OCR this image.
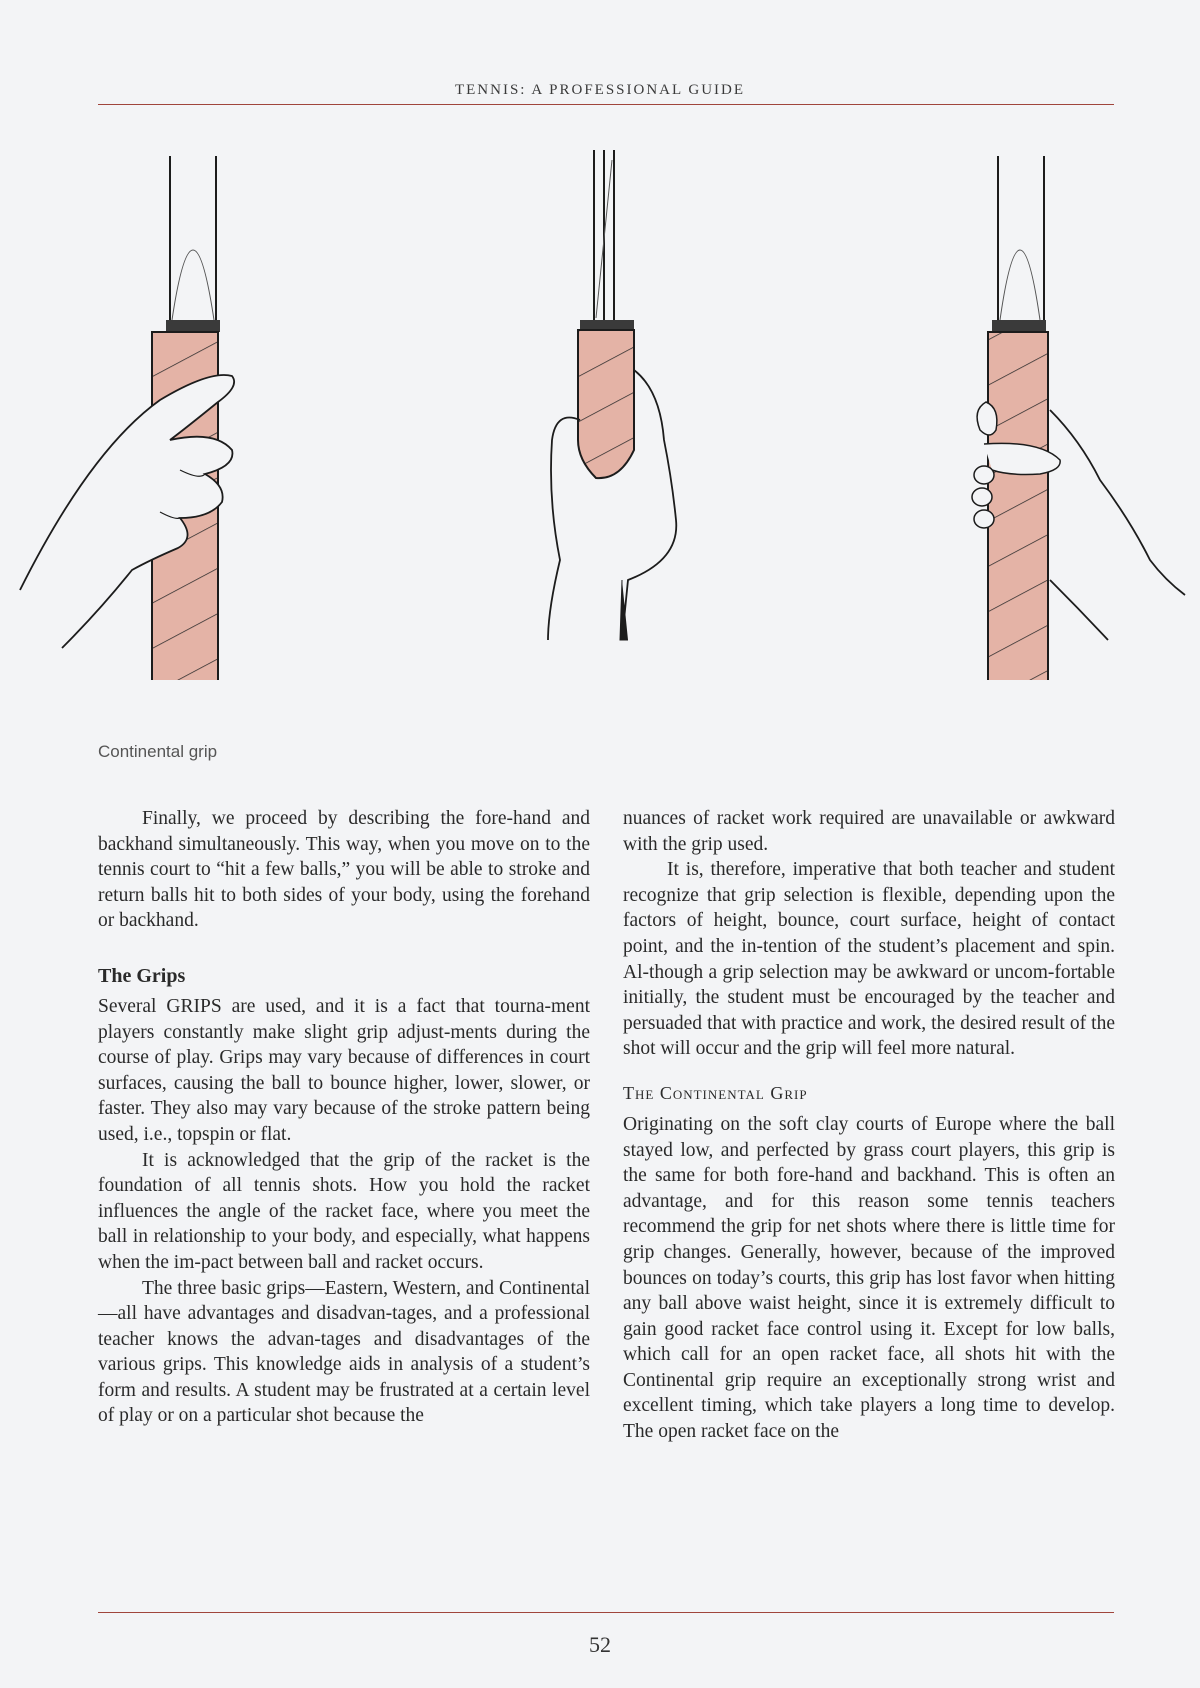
TENNIS: A PROFESSIONAL GUIDE
Continental grip

Finally, we proceed by describing the fore-hand and backhand simultaneously. This way, when you move on to the tennis court to “hit a few balls,” you will be able to stroke and return balls hit to both sides of your body, using the forehand or backhand.

The Grips

Several GRIPS are used, and it is a fact that tourna-ment players constantly make slight grip adjust-ments during the course of play. Grips may vary because of differences in court surfaces, causing the ball to bounce higher, lower, slower, or faster. They also may vary because of the stroke pattern being used, i.e., topspin or flat.

It is acknowledged that the grip of the racket is the foundation of all tennis shots. How you hold the racket influences the angle of the racket face, where you meet the ball in relationship to your body, and especially, what happens when the im-pact between ball and racket occurs.

The three basic grips—Eastern, Western, and Continental—all have advantages and disadvan-tages, and a professional teacher knows the advan-tages and disadvantages of the various grips. This knowledge aids in analysis of a student’s form and results. A student may be frustrated at a certain level of play or on a particular shot because the

nuances of racket work required are unavailable or awkward with the grip used.

It is, therefore, imperative that both teacher and student recognize that grip selection is flexible, depending upon the factors of height, bounce, court surface, height of contact point, and the in-tention of the student’s placement and spin. Al-though a grip selection may be awkward or uncom-fortable initially, the student must be encouraged by the teacher and persuaded that with practice and work, the desired result of the shot will occur and the grip will feel more natural.

The Continental Grip

Originating on the soft clay courts of Europe where the ball stayed low, and perfected by grass court players, this grip is the same for both fore-hand and backhand. This is often an advantage, and for this reason some tennis teachers recommend the grip for net shots where there is little time for grip changes. Generally, however, because of the improved bounces on today’s courts, this grip has lost favor when hitting any ball above waist height, since it is extremely difficult to gain good racket face control using it. Except for low balls, which call for an open racket face, all shots hit with the Continental grip require an exceptionally strong wrist and excellent timing, which take players a long time to develop. The open racket face on the

52
